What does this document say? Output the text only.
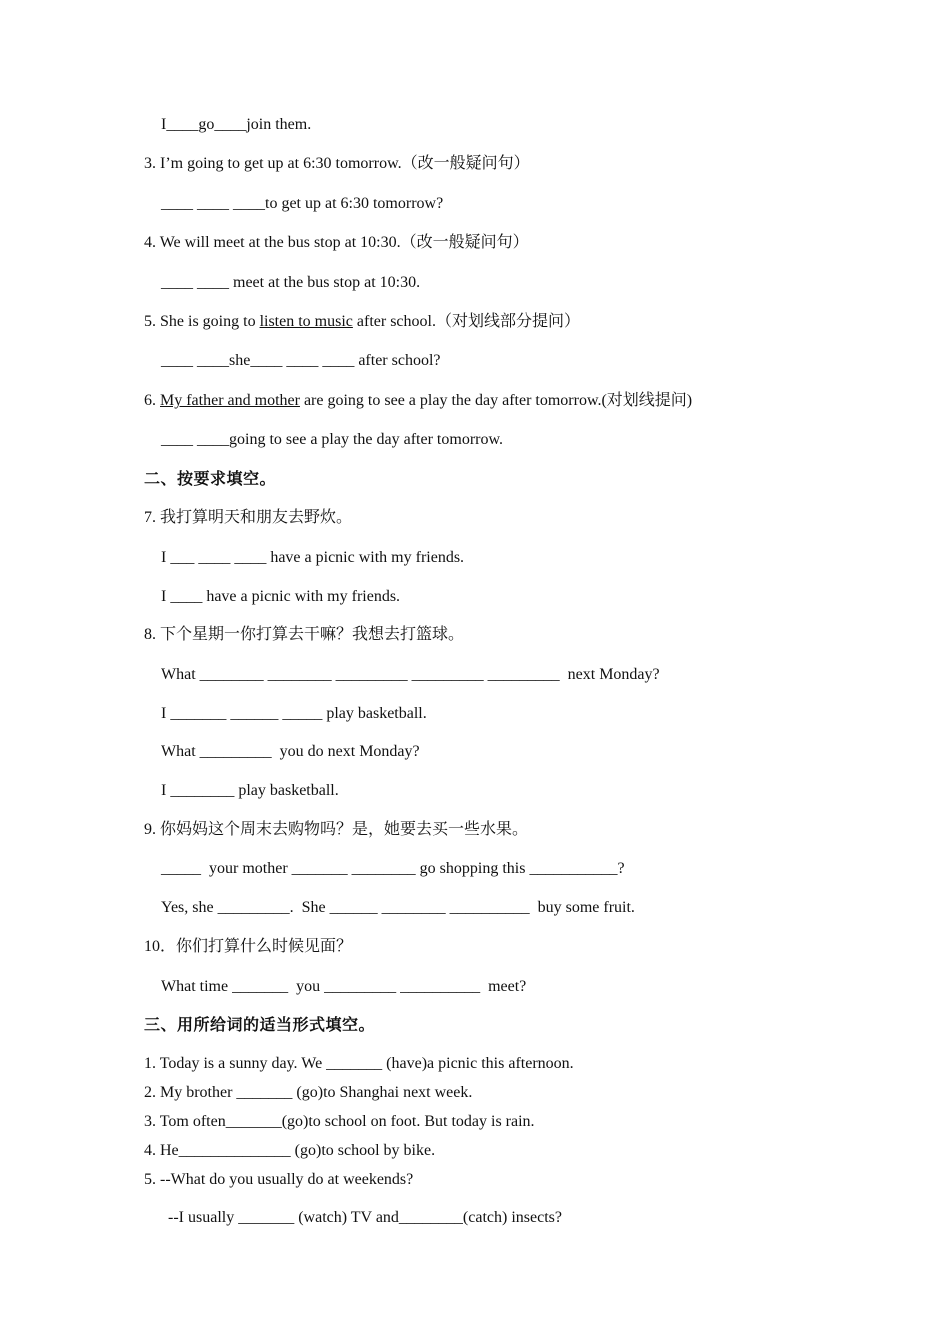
I____go____join them.
3. I’m going to get up at 6:30 tomorrow.（改一般疑问句）
____ ____ ____to get up at 6:30 tomorrow?
4. We will meet at the bus stop at 10:30.（改一般疑问句）
____ ____ meet at the bus stop at 10:30.
5. She is going to listen to music after school.（对划线部分提问）
____ ____she____ ____ ____ after school?
6. My father and mother are going to see a play the day after tomorrow.(对划线提问)
____ ____going to see a play the day after tomorrow.
二、按要求填空。
7. 我打算明天和朋友去野炊。
I ___ ____ ____ have a picnic with my friends.
I ____ have a picnic with my friends.
8. 下个星期一你打算去干嘛？我想去打篮球。
What ________ ________ _________ _________ _________  next Monday?
I _______ ______ _____ play basketball.
What _________  you do next Monday?
I ________ play basketball.
9. 你妈妈这个周末去购物吗？是，她要去买一些水果。
_____  your mother _______ ________ go shopping this ___________?
Yes, she _________.  She ______ ________ __________  buy some fruit.
10．你们打算什么时候见面？
What time _______  you _________ __________  meet?
三、用所给词的适当形式填空。
1. Today is a sunny day. We _______ (have)a picnic this afternoon.
2. My brother _______ (go)to Shanghai next week.
3. Tom often_______(go)to school on foot. But today is rain.
4. He______________ (go)to school by bike.
5. --What do you usually do at weekends?
--I usually _______ (watch) TV and________(catch) insects?
